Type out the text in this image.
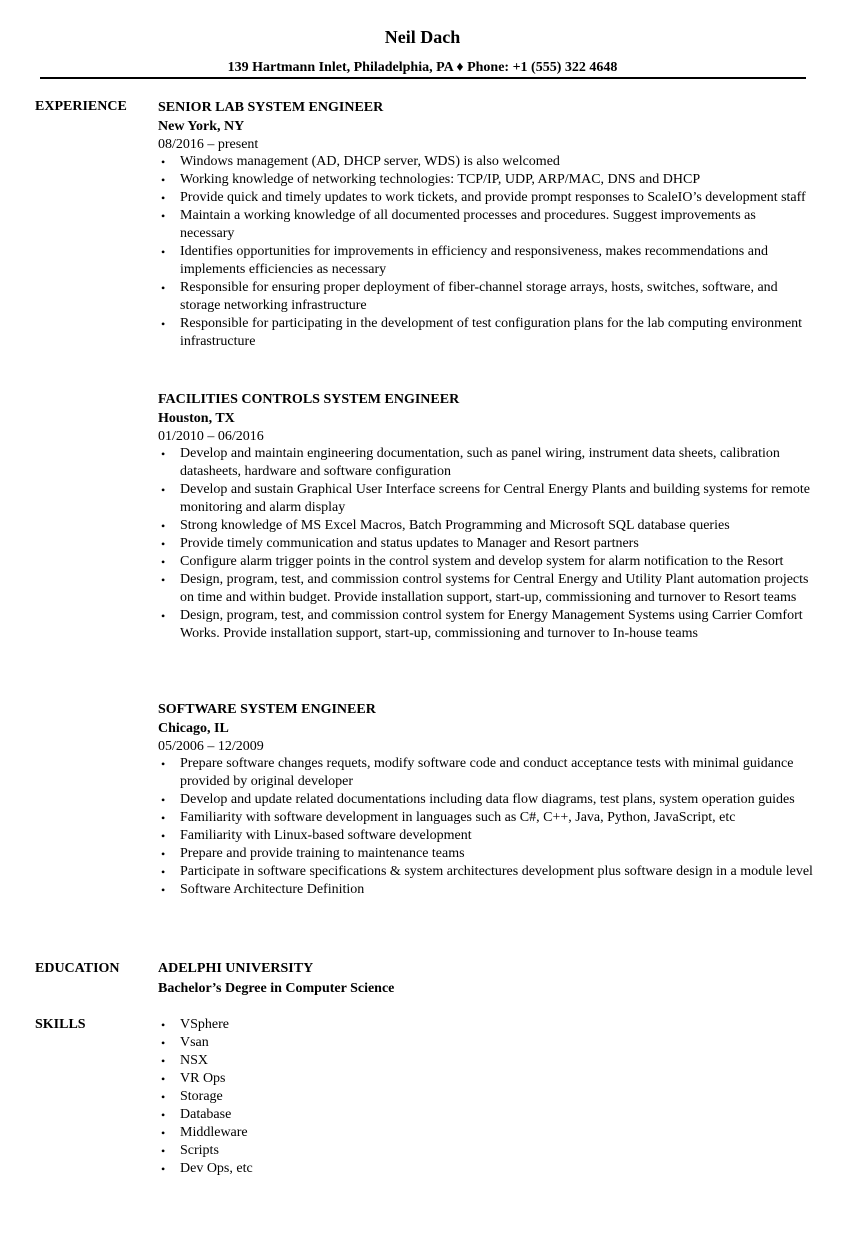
Neil Dach
139 Hartmann Inlet, Philadelphia, PA ♦ Phone: +1 (555) 322 4648
EXPERIENCE SENIOR LAB SYSTEM ENGINEER
New York, NY
08/2016 – present
• Windows management (AD, DHCP server, WDS) is also welcomed
• Working knowledge of networking technologies: TCP/IP, UDP, ARP/MAC, DNS and DHCP
• Provide quick and timely updates to work tickets, and provide prompt responses to ScaleIO’s development staff
• Maintain a working knowledge of all documented processes and procedures. Suggest improvements as necessary
• Identifies opportunities for improvements in efficiency and responsiveness, makes recommendations and implements efficiencies as necessary
• Responsible for ensuring proper deployment of fiber-channel storage arrays, hosts, switches, software, and storage networking infrastructure
• Responsible for participating in the development of test configuration plans for the lab computing environment infrastructure
FACILITIES CONTROLS SYSTEM ENGINEER
Houston, TX
01/2010 – 06/2016
• Develop and maintain engineering documentation, such as panel wiring, instrument data sheets, calibration datasheets, hardware and software configuration
• Develop and sustain Graphical User Interface screens for Central Energy Plants and building systems for remote monitoring and alarm display
• Strong knowledge of MS Excel Macros, Batch Programming and Microsoft SQL database queries
• Provide timely communication and status updates to Manager and Resort partners
• Configure alarm trigger points in the control system and develop system for alarm notification to the Resort
• Design, program, test, and commission control systems for Central Energy and Utility Plant automation projects on time and within budget. Provide installation support, start-up, commissioning and turnover to Resort teams
• Design, program, test, and commission control system for Energy Management Systems using Carrier Comfort Works. Provide installation support, start-up, commissioning and turnover to In-house teams
SOFTWARE SYSTEM ENGINEER
Chicago, IL
05/2006 – 12/2009
• Prepare software changes requets, modify software code and conduct acceptance tests with minimal guidance provided by original developer
• Develop and update related documentations including data flow diagrams, test plans, system operation guides
• Familiarity with software development in languages such as C#, C++, Java, Python, JavaScript, etc
• Familiarity with Linux-based software development
• Prepare and provide training to maintenance teams
• Participate in software specifications & system architectures development plus software design in a module level
• Software Architecture Definition
EDUCATION	ADELPHI UNIVERSITY
Bachelor’s Degree in Computer Science
SKILLS	• VSphere
• Vsan
• NSX
• VR Ops
• Storage
• Database
• Middleware
• Scripts
• Dev Ops, etc
